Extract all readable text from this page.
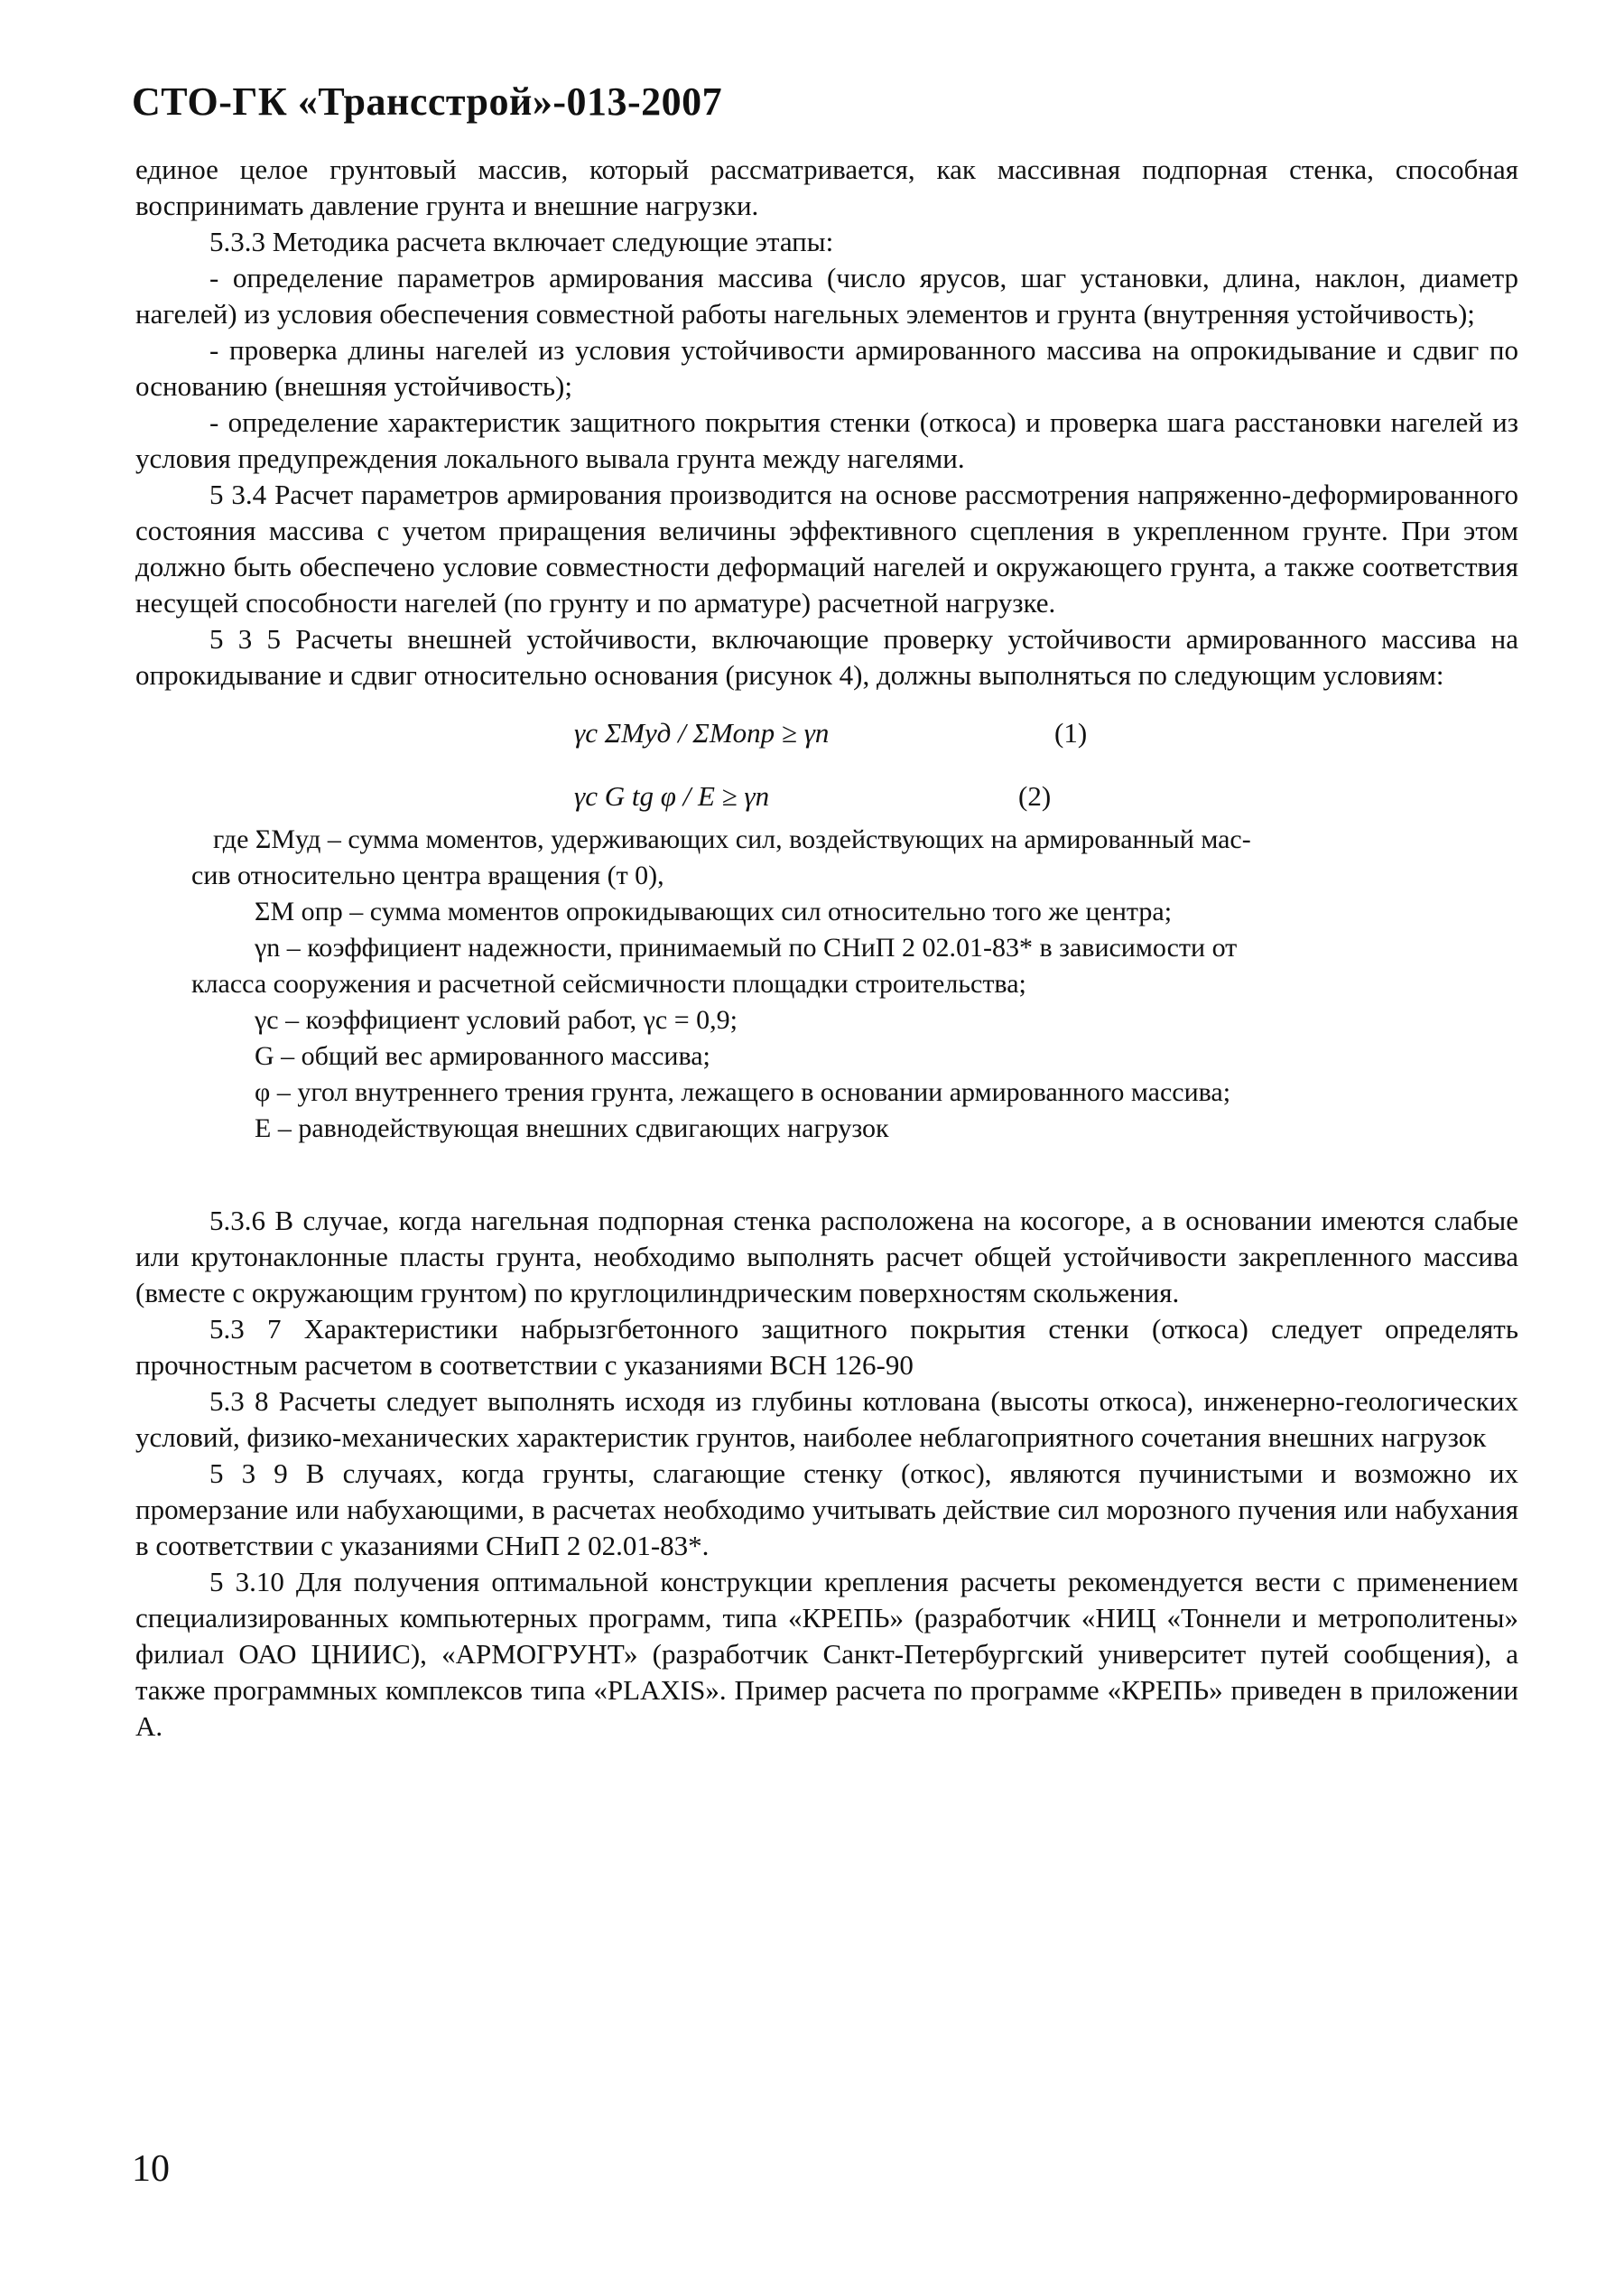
СТО-ГК «Трансстрой»-013-2007

единое целое грунтовый массив, который рассматривается, как массивная подпорная стенка, способная воспринимать давление грунта и внешние нагрузки.

5.3.3 Методика расчета включает следующие этапы:

- определение параметров армирования массива (число ярусов, шаг установки, длина, наклон, диаметр нагелей) из условия обеспечения совместной работы нагельных элементов и грунта (внутренняя устойчивость);

- проверка длины нагелей из условия устойчивости армированного массива на опрокидывание и сдвиг по основанию (внешняя устойчивость);

- определение характеристик защитного покрытия стенки (откоса) и проверка шага расстановки нагелей из условия предупреждения локального вывала грунта между нагелями.

5 3.4 Расчет параметров армирования производится на основе рассмотрения напряженно-деформированного состояния массива с учетом приращения величины эффективного сцепления в укрепленном грунте. При этом должно быть обеспечено условие совместности деформаций нагелей и окружающего грунта, а также соответствия несущей способности нагелей (по грунту и по арматуре) расчетной нагрузке.

5 3 5 Расчеты внешней устойчивости, включающие проверку устойчивости армированного массива на опрокидывание и сдвиг относительно основания (рисунок 4), должны выполняться по следующим условиям:

γc ΣMуд / ΣMопр ≥ γn	(1)
γc G tg φ / E ≥ γn	(2)

где ΣMуд – сумма моментов, удерживающих сил, воздействующих на армированный мас-

сив относительно центра вращения (т 0),

ΣM опр – сумма моментов опрокидывающих сил относительно того же центра;

γn – коэффициент надежности, принимаемый по СНиП 2 02.01-83* в зависимости от

класса сооружения и расчетной сейсмичности площадки строительства;

γc – коэффициент условий работ, γc = 0,9;

G – общий вес армированного массива;

φ – угол внутреннего трения грунта, лежащего в основании армированного массива;

E – равнодействующая внешних сдвигающих нагрузок

5.3.6 В случае, когда нагельная подпорная стенка расположена на косогоре, а в основании имеются слабые или крутонаклонные пласты грунта, необходимо выполнять расчет общей устойчивости закрепленного массива (вместе с окружающим грунтом) по круглоцилиндрическим поверхностям скольжения.

5.3 7 Характеристики набрызгбетонного защитного покрытия стенки (откоса) следует определять прочностным расчетом в соответствии с указаниями ВСН 126-90

5.3 8 Расчеты следует выполнять исходя из глубины котлована (высоты откоса), инженерно-геологических условий, физико-механических характеристик грунтов, наиболее неблагоприятного сочетания внешних нагрузок

5 3 9 В случаях, когда грунты, слагающие стенку (откос), являются пучинистыми и возможно их промерзание или набухающими, в расчетах необходимо учитывать действие сил морозного пучения или набухания в соответствии с указаниями СНиП 2 02.01-83*.

5 3.10 Для получения оптимальной конструкции крепления расчеты рекомендуется вести с применением специализированных компьютерных программ, типа «КРЕПЬ» (разработчик «НИЦ «Тоннели и метрополитены» филиал ОАО ЦНИИС), «АРМОГРУНТ» (разработчик Санкт-Петербургский университет путей сообщения), а также программных комплексов типа «PLAXIS». Пример расчета по программе «КРЕПЬ» приведен в приложении А.

10
